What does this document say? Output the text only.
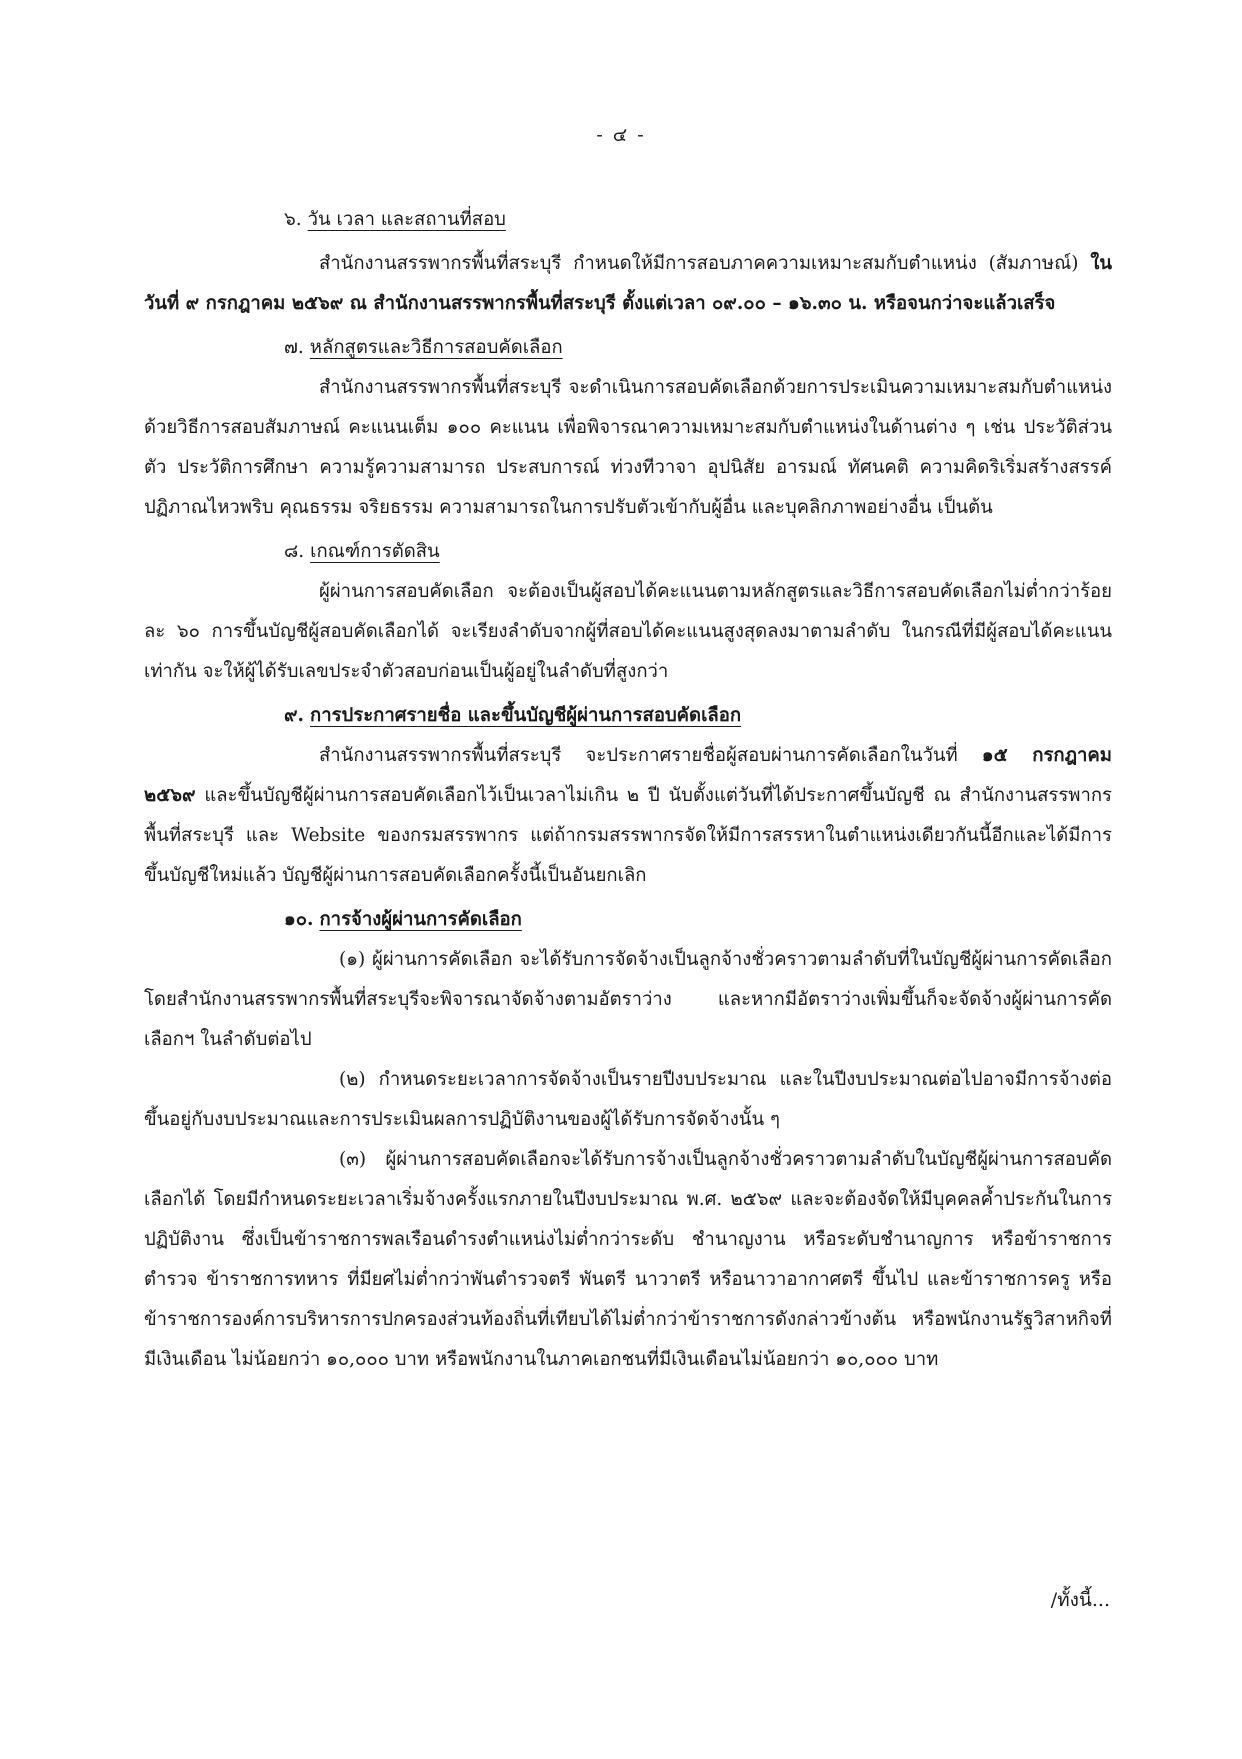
- ๔ -
๖. วัน เวลา และสถานที่สอบ
สำนักงานสรรพากรพื้นที่สระบุรี กำหนดให้มีการสอบภาคความเหมาะสมกับตำแหน่ง (สัมภาษณ์) ในวันที่ ๙ กรกฎาคม ๒๕๖๙ ณ สำนักงานสรรพากรพื้นที่สระบุรี ตั้งแต่เวลา ๐๙.๐๐ – ๑๖.๓๐ น. หรือจนกว่าจะแล้วเสร็จ
๗. หลักสูตรและวิธีการสอบคัดเลือก
สำนักงานสรรพากรพื้นที่สระบุรี จะดำเนินการสอบคัดเลือกด้วยการประเมินความเหมาะสมกับตำแหน่งด้วยวิธีการสอบสัมภาษณ์ คะแนนเต็ม ๑๐๐ คะแนน เพื่อพิจารณาความเหมาะสมกับตำแหน่งในด้านต่าง ๆ เช่น ประวัติส่วนตัว ประวัติการศึกษา ความรู้ความสามารถ ประสบการณ์ ท่วงทีวาจา อุปนิสัย อารมณ์ ทัศนคติ ความคิดริเริ่มสร้างสรรค์ ปฏิภาณไหวพริบ คุณธรรม จริยธรรม ความสามารถในการปรับตัวเข้ากับผู้อื่น และบุคลิกภาพอย่างอื่น เป็นต้น
๘. เกณฑ์การตัดสิน
ผู้ผ่านการสอบคัดเลือก จะต้องเป็นผู้สอบได้คะแนนตามหลักสูตรและวิธีการสอบคัดเลือกไม่ต่ำกว่าร้อยละ ๖๐ การขึ้นบัญชีผู้สอบคัดเลือกได้ จะเรียงลำดับจากผู้ที่สอบได้คะแนนสูงสุดลงมาตามลำดับ ในกรณีที่มีผู้สอบได้คะแนนเท่ากัน จะให้ผู้ได้รับเลขประจำตัวสอบก่อนเป็นผู้อยู่ในลำดับที่สูงกว่า
๙. การประกาศรายชื่อ และขึ้นบัญชีผู้ผ่านการสอบคัดเลือก
สำนักงานสรรพากรพื้นที่สระบุรี จะประกาศรายชื่อผู้สอบผ่านการคัดเลือกในวันที่ ๑๕ กรกฎาคม ๒๕๖๙ และขึ้นบัญชีผู้ผ่านการสอบคัดเลือกไว้เป็นเวลาไม่เกิน ๒ ปี นับตั้งแต่วันที่ได้ประกาศขึ้นบัญชี ณ สำนักงานสรรพากรพื้นที่สระบุรี และ Website ของกรมสรรพากร แต่ถ้ากรมสรรพากรจัดให้มีการสรรหาในตำแหน่งเดียวกันนี้อีกและได้มีการขึ้นบัญชีใหม่แล้ว บัญชีผู้ผ่านการสอบคัดเลือกครั้งนี้เป็นอันยกเลิก
๑๐. การจ้างผู้ผ่านการคัดเลือก
(๑) ผู้ผ่านการคัดเลือก จะได้รับการจัดจ้างเป็นลูกจ้างชั่วคราวตามลำดับที่ในบัญชีผู้ผ่านการคัดเลือก โดยสำนักงานสรรพากรพื้นที่สระบุรีจะพิจารณาจัดจ้างตามอัตราว่าง และหากมีอัตราว่างเพิ่มขึ้นก็จะจัดจ้างผู้ผ่านการคัดเลือกฯ ในลำดับต่อไป
(๒) กำหนดระยะเวลาการจัดจ้างเป็นรายปีงบประมาณ และในปีงบประมาณต่อไปอาจมีการจ้างต่อ ขึ้นอยู่กับงบประมาณและการประเมินผลการปฏิบัติงานของผู้ได้รับการจัดจ้างนั้น ๆ
(๓) ผู้ผ่านการสอบคัดเลือกจะได้รับการจ้างเป็นลูกจ้างชั่วคราวตามลำดับในบัญชีผู้ผ่านการสอบคัดเลือกได้ โดยมีกำหนดระยะเวลาเริ่มจ้างครั้งแรกภายในปีงบประมาณ พ.ศ. ๒๕๖๙ และจะต้องจัดให้มีบุคคลค้ำประกันในการปฏิบัติงาน ซึ่งเป็นข้าราชการพลเรือนดำรงตำแหน่งไม่ต่ำกว่าระดับ ชำนาญงาน หรือระดับชำนาญการ หรือข้าราชการตำรวจ ข้าราชการทหาร ที่มียศไม่ต่ำกว่าพันตำรวจตรี พันตรี นาวาตรี หรือนาวาอากาศตรี ขึ้นไป และข้าราชการครู หรือข้าราชการองค์การบริหารการปกครองส่วนท้องถิ่นที่เทียบได้ไม่ต่ำกว่าข้าราชการดังกล่าวข้างต้น หรือพนักงานรัฐวิสาหกิจที่มีเงินเดือน ไม่น้อยกว่า ๑๐,๐๐๐ บาท หรือพนักงานในภาคเอกชนที่มีเงินเดือนไม่น้อยกว่า ๑๐,๐๐๐ บาท
/ทั้งนี้...
